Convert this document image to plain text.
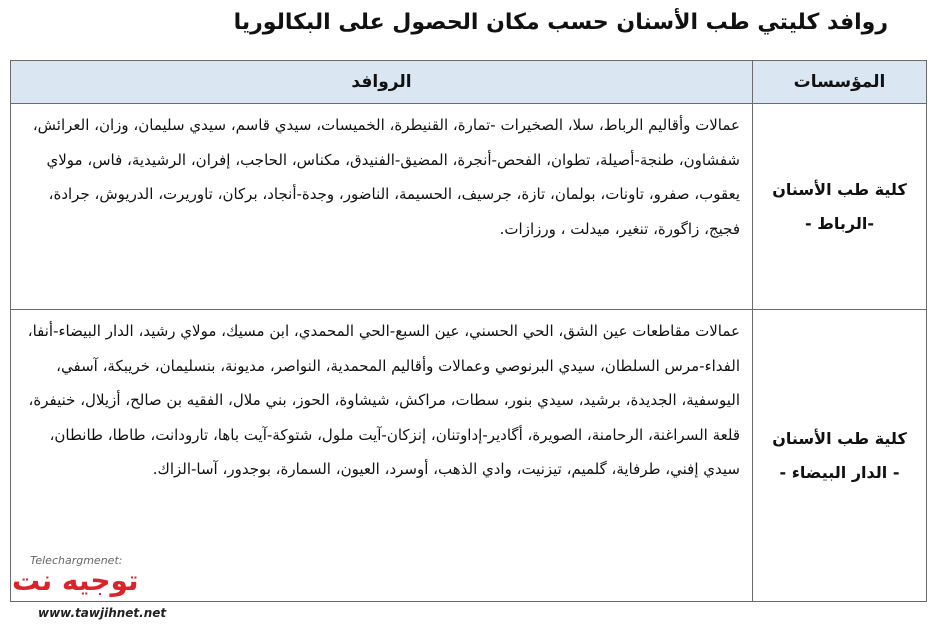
روافد كليتي طب الأسنان حسب مكان الحصول على البكالوريا
المؤسسات	الروافد

كلية طب الأسنان
-الرباط -	عمالات وأقاليم الرباط، سلا، الصخيرات -تمارة، القنيطرة، الخميسات، سيدي قاسم، سيدي سليمان، وزان، العرائش، شفشاون، طنجة-أصيلة، تطوان، الفحص-أنجرة، المضيق-الفنيدق، مكناس، الحاجب، إفران، الرشيدية، فاس، مولاي يعقوب، صفرو، تاونات، بولمان، تازة، جرسيف، الحسيمة، الناضور، وجدة-أنجاد، بركان، تاوريرت، الدريوش، جرادة، فجيج، زاگورة، تنغير، ميدلت ، ورزازات.

كلية طب الأسنان
- الدار البيضاء -	عمالات مقاطعات عين الشق، الحي الحسني، عين السبع-الحي المحمدي، ابن مسيك، مولاي رشيد، الدار البيضاء-أنفا، الفداء-مرس السلطان، سيدي البرنوصي وعمالات وأقاليم المحمدية، النواصر، مديونة، بنسليمان، خريبكة، آسفي، اليوسفية، الجديدة، برشيد، سيدي بنور، سطات، مراكش، شيشاوة، الحوز، بني ملال، الفقيه بن صالح، أزيلال، خنيفرة، قلعة السراغنة، الرحامنة، الصويرة، أگادير-إداوتنان، إنزكان-آيت ملول، شتوكة-آيت باها، تارودانت، طاطا، طانطان، سيدي إفني، طرفاية، گلميم، تيزنيت، وادي الذهب، أوسرد، العيون، السمارة، بوجدور، آسا-الزاك.
Telechargmenet:
توجيه نت
www.tawjihnet.net
